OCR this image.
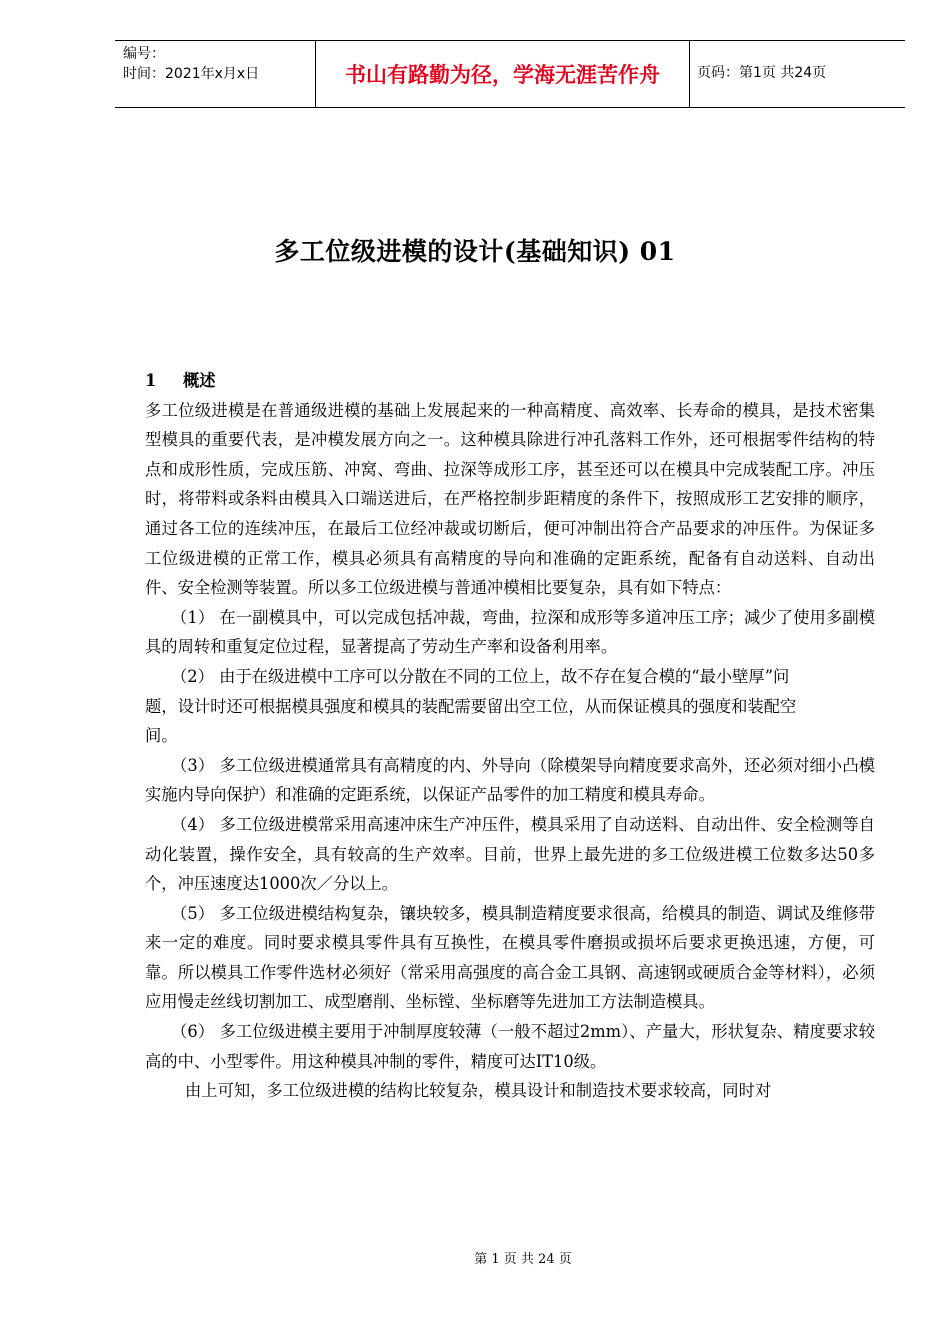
编号：
时间：2021年x月x日	书山有路勤为径，学海无涯苦作舟	页码：第1页 共24页
多工位级进模的设计(基础知识) 01

1 概述

多工位级进模是在普通级进模的基础上发展起来的一种高精度、高效率、长寿命的模具，是技术密集型模具的重要代表，是冲模发展方向之一。这种模具除进行冲孔落料工作外，还可根据零件结构的特点和成形性质，完成压筋、冲窝、弯曲、拉深等成形工序，甚至还可以在模具中完成装配工序。冲压时，将带料或条料由模具入口端送进后，在严格控制步距精度的条件下，按照成形工艺安排的顺序，通过各工位的连续冲压，在最后工位经冲裁或切断后，便可冲制出符合产品要求的冲压件。为保证多工位级进模的正常工作，模具必须具有高精度的导向和准确的定距系统，配备有自动送料、自动出件、安全检测等装置。所以多工位级进模与普通冲模相比要复杂，具有如下特点：

（1） 在一副模具中，可以完成包括冲裁，弯曲，拉深和成形等多道冲压工序；减少了使用多副模具的周转和重复定位过程，显著提高了劳动生产率和设备利用率。

（2） 由于在级进模中工序可以分散在不同的工位上，故不存在复合模的“最小壁厚”问

题，设计时还可根据模具强度和模具的装配需要留出空工位，从而保证模具的强度和装配空

间。

（3） 多工位级进模通常具有高精度的内、外导向（除模架导向精度要求高外，还必须对细小凸模实施内导向保护）和准确的定距系统，以保证产品零件的加工精度和模具寿命。

（4） 多工位级进模常采用高速冲床生产冲压件，模具采用了自动送料、自动出件、安全检测等自动化装置，操作安全，具有较高的生产效率。目前，世界上最先进的多工位级进模工位数多达50多个，冲压速度达1000次／分以上。

（5） 多工位级进模结构复杂，镶块较多，模具制造精度要求很高，给模具的制造、调试及维修带来一定的难度。同时要求模具零件具有互换性，在模具零件磨损或损坏后要求更换迅速，方便，可靠。所以模具工作零件选材必须好（常采用高强度的高合金工具钢、高速钢或硬质合金等材料），必须应用慢走丝线切割加工、成型磨削、坐标镗、坐标磨等先进加工方法制造模具。

（6） 多工位级进模主要用于冲制厚度较薄（一般不超过2mm）、产量大，形状复杂、精度要求较高的中、小型零件。用这种模具冲制的零件，精度可达IT10级。

由上可知，多工位级进模的结构比较复杂，模具设计和制造技术要求较高，同时对

第 1 页 共 24 页
